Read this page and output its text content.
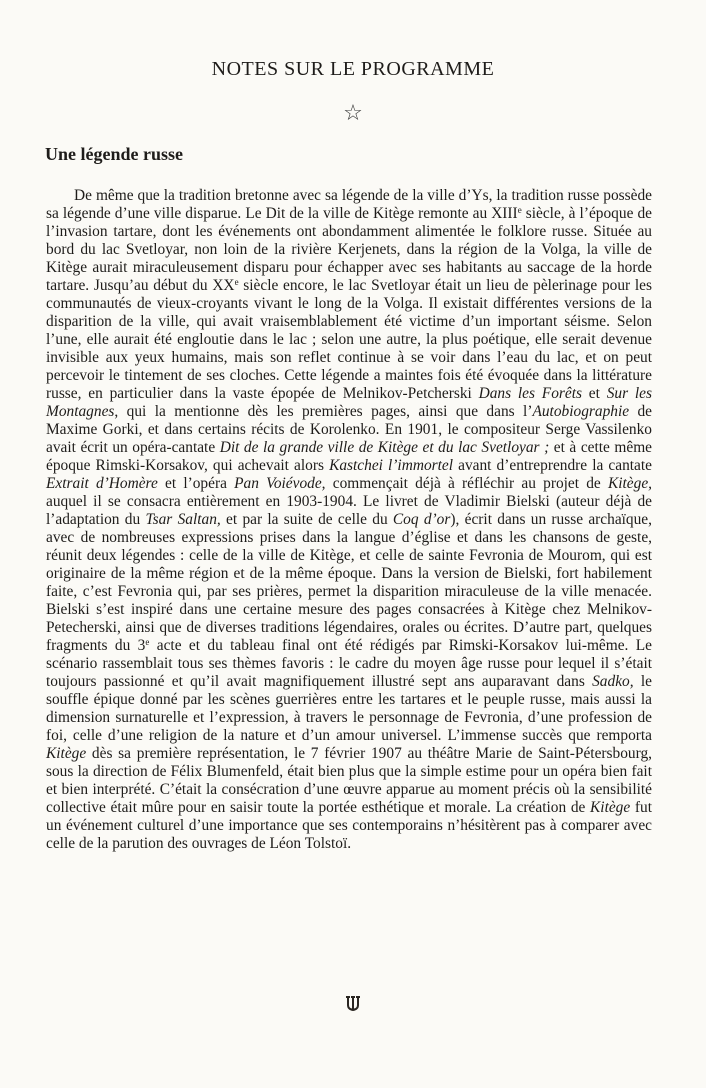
NOTES SUR LE PROGRAMME
☆
Une légende russe

De même que la tradition bretonne avec sa légende de la ville d’Ys, la tradition russe possède sa légende d’une ville disparue. Le Dit de la ville de Kitège remonte au XIIIe siècle, à l’époque de l’invasion tartare, dont les événements ont abondamment alimentée le folklore russe. Située au bord du lac Svetloyar, non loin de la rivière Kerjenets, dans la région de la Volga, la ville de Kitège aurait miraculeusement disparu pour échapper avec ses habitants au saccage de la horde tartare. Jusqu’au début du XXe siècle encore, le lac Svetloyar était un lieu de pèlerinage pour les communautés de vieux-croyants vivant le long de la Volga. Il existait différentes versions de la disparition de la ville, qui avait vraisemblablement été victime d’un important séisme. Selon l’une, elle aurait été engloutie dans le lac ; selon une autre, la plus poétique, elle serait devenue invisible aux yeux humains, mais son reflet continue à se voir dans l’eau du lac, et on peut percevoir le tintement de ses cloches. Cette légende a maintes fois été évoquée dans la littérature russe, en particulier dans la vaste épopée de Melnikov-Petcherski Dans les Forêts et Sur les Montagnes, qui la mentionne dès les premières pages, ainsi que dans l’Autobiographie de Maxime Gorki, et dans certains récits de Korolenko. En 1901, le compositeur Serge Vassilenko avait écrit un opéra-cantate Dit de la grande ville de Kitège et du lac Svetloyar ; et à cette même époque Rimski-Korsakov, qui achevait alors Kastchei l’immortel avant d’entreprendre la cantate Extrait d’Homère et l’opéra Pan Voiévode, commençait déjà à réfléchir au projet de Kitège, auquel il se consacra entièrement en 1903-1904. Le livret de Vladimir Bielski (auteur déjà de l’adaptation du Tsar Saltan, et par la suite de celle du Coq d’or), écrit dans un russe archaïque, avec de nombreuses expressions prises dans la langue d’église et dans les chansons de geste, réunit deux légendes : celle de la ville de Kitège, et celle de sainte Fevronia de Mourom, qui est originaire de la même région et de la même époque. Dans la version de Bielski, fort habilement faite, c’est Fevronia qui, par ses prières, permet la disparition miraculeuse de la ville menacée. Bielski s’est inspiré dans une certaine mesure des pages consacrées à Kitège chez Melnikov-Petecherski, ainsi que de diverses traditions légendaires, orales ou écrites. D’autre part, quelques fragments du 3e acte et du tableau final ont été rédigés par Rimski-Korsakov lui-même. Le scénario rassemblait tous ses thèmes favoris : le cadre du moyen âge russe pour lequel il s’était toujours passionné et qu’il avait magnifiquement illustré sept ans auparavant dans Sadko, le souffle épique donné par les scènes guerrières entre les tartares et le peuple russe, mais aussi la dimension surnaturelle et l’expression, à travers le personnage de Fevronia, d’une profession de foi, celle d’une religion de la nature et d’un amour universel. L’immense succès que remporta Kitège dès sa première représentation, le 7 février 1907 au théâtre Marie de Saint-Pétersbourg, sous la direction de Félix Blumenfeld, était bien plus que la simple estime pour un opéra bien fait et bien interprété. C’était la consécration d’une œuvre apparue au moment précis où la sensibilité collective était mûre pour en saisir toute la portée esthétique et morale. La création de Kitège fut un événement culturel d’une importance que ses contemporains n’hésitèrent pas à comparer avec celle de la parution des ouvrages de Léon Tolstoï.
